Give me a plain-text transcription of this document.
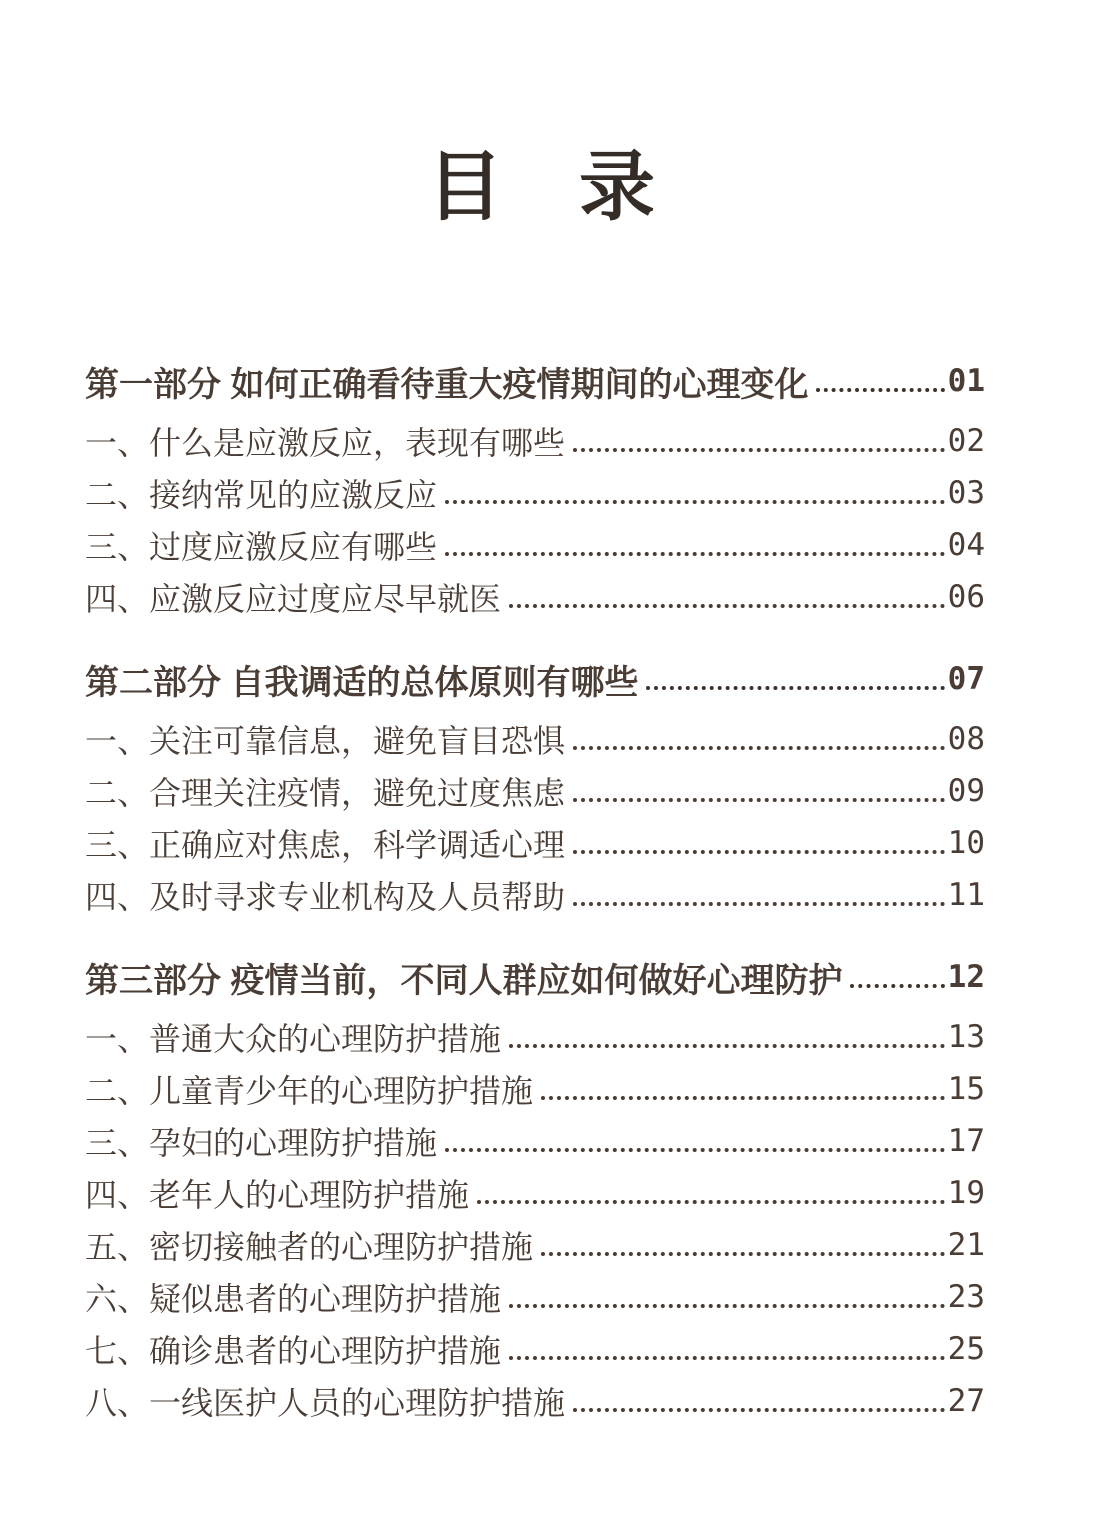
目　录
第一部分 如何正确看待重大疫情期间的心理变化	01
一、什么是应激反应，表现有哪些	02
二、接纳常见的应激反应	03
三、过度应激反应有哪些	04
四、应激反应过度应尽早就医	06
第二部分 自我调适的总体原则有哪些	07
一、关注可靠信息，避免盲目恐惧	08
二、合理关注疫情，避免过度焦虑	09
三、正确应对焦虑，科学调适心理	10
四、及时寻求专业机构及人员帮助	11
第三部分 疫情当前，不同人群应如何做好心理防护	12
一、普通大众的心理防护措施	13
二、儿童青少年的心理防护措施	15
三、孕妇的心理防护措施	17
四、老年人的心理防护措施	19
五、密切接触者的心理防护措施	21
六、疑似患者的心理防护措施	23
七、确诊患者的心理防护措施	25
八、一线医护人员的心理防护措施	27
